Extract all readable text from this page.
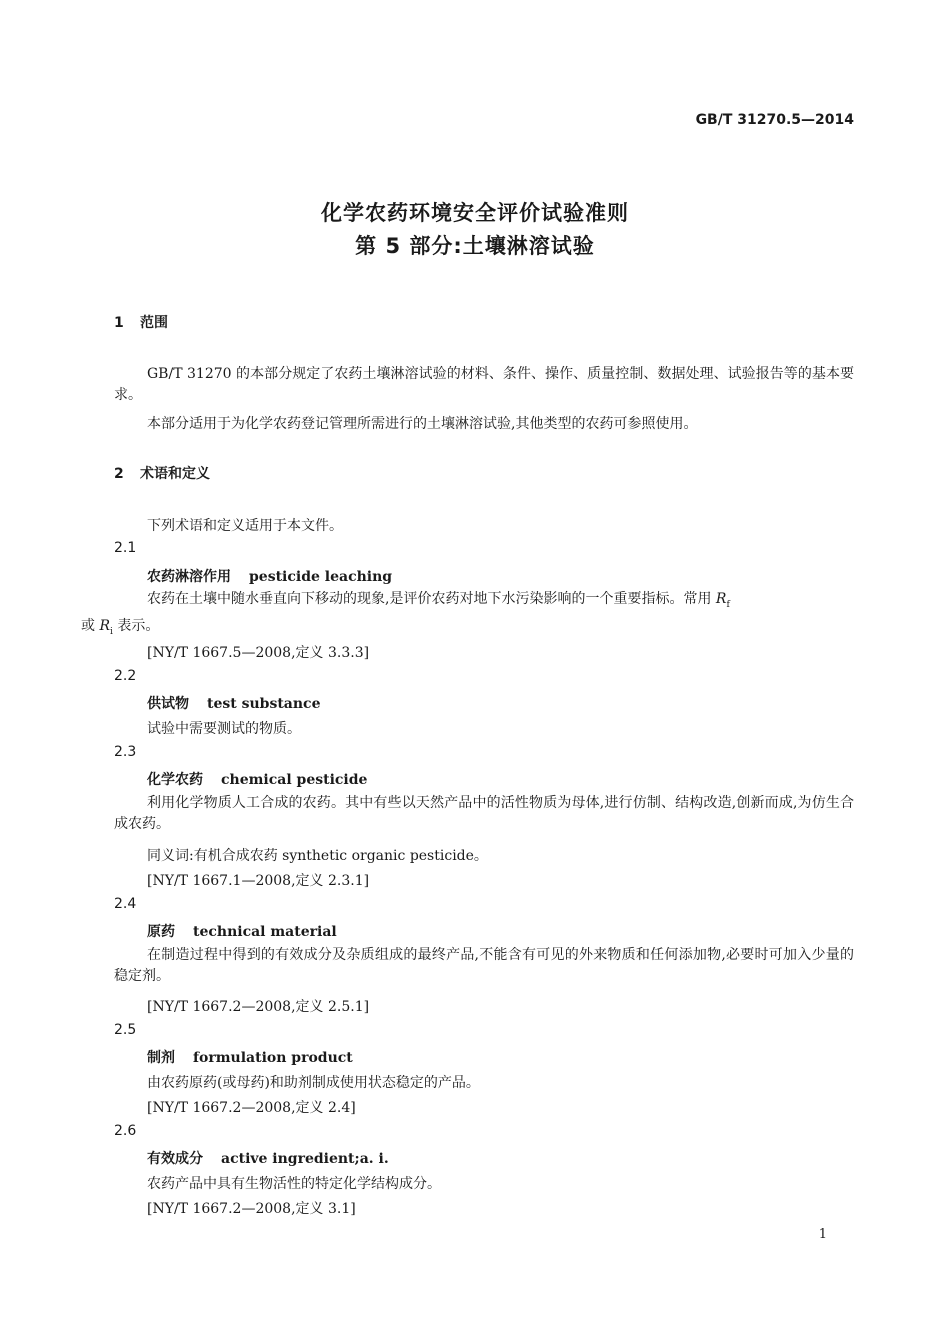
GB/T 31270.5—2014
化学农药环境安全评价试验准则
第 5 部分:土壤淋溶试验
1 范围
GB/T 31270 的本部分规定了农药土壤淋溶试验的材料、条件、操作、质量控制、数据处理、试验报告等的基本要求。
本部分适用于为化学农药登记管理所需进行的土壤淋溶试验,其他类型的农药可参照使用。
2 术语和定义
下列术语和定义适用于本文件。
2.1
农药淋溶作用 pesticide leaching
农药在土壤中随水垂直向下移动的现象,是评价农药对地下水污染影响的一个重要指标。常用 $R_f$
或 $R_i$ 表示。
[NY/T 1667.5—2008,定义 3.3.3]
2.2
供试物 test substance
试验中需要测试的物质。
2.3
化学农药 chemical pesticide
利用化学物质人工合成的农药。其中有些以天然产品中的活性物质为母体,进行仿制、结构改造,创新而成,为仿生合成农药。
同义词:有机合成农药 synthetic organic pesticide。
[NY/T 1667.1—2008,定义 2.3.1]
2.4
原药 technical material
在制造过程中得到的有效成分及杂质组成的最终产品,不能含有可见的外来物质和任何添加物,必要时可加入少量的稳定剂。
[NY/T 1667.2—2008,定义 2.5.1]
2.5
制剂 formulation product
由农药原药(或母药)和助剂制成使用状态稳定的产品。
[NY/T 1667.2—2008,定义 2.4]
2.6
有效成分 active ingredient;a. i.
农药产品中具有生物活性的特定化学结构成分。
[NY/T 1667.2—2008,定义 3.1]
1
